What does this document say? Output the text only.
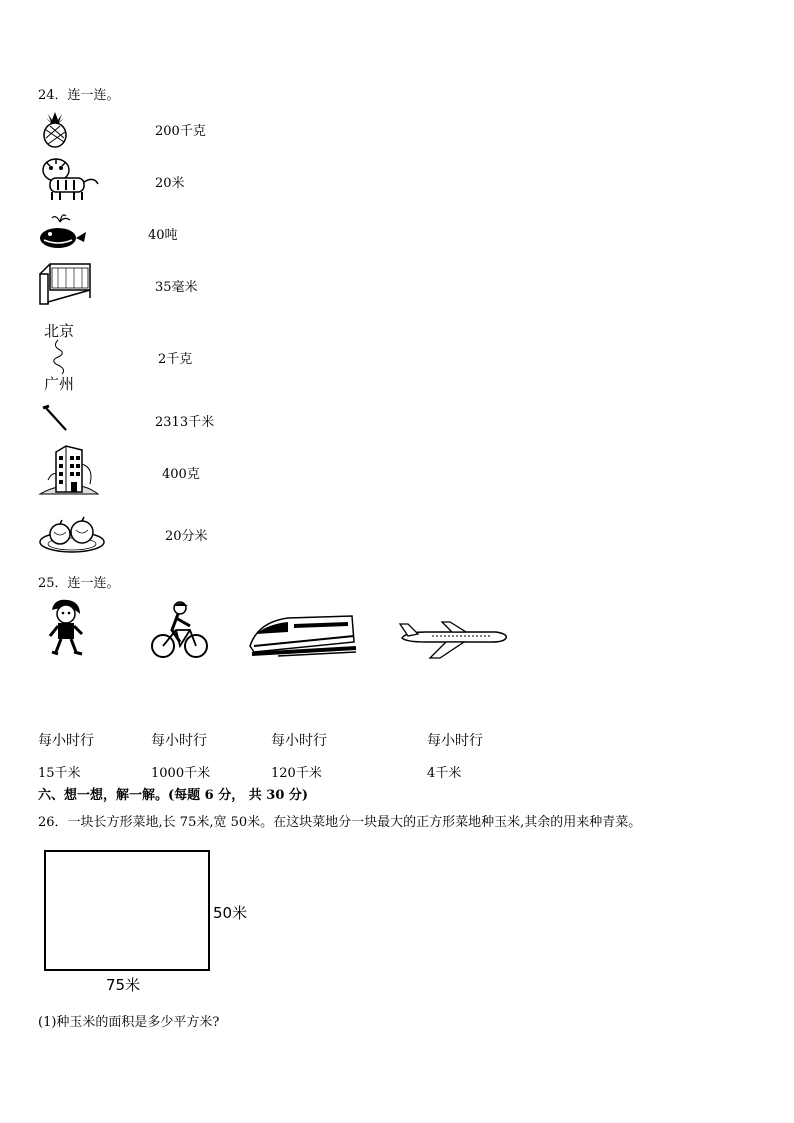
24．连一连。
200千克
20米
40吨
35毫米
北京
广州
2千克
2313千米
400克
20分米
25．连一连。
每小时行	每小时行	每小时行	每小时行
15千米	1000千米	120千米	4千米
六、想一想，解一解。(每题 6 分， 共 30 分)
26．一块长方形菜地,长 75米,宽 50米。在这块菜地分一块最大的正方形菜地种玉米,其余的用来种青菜。
50米
75米
(1)种玉米的面积是多少平方米?
